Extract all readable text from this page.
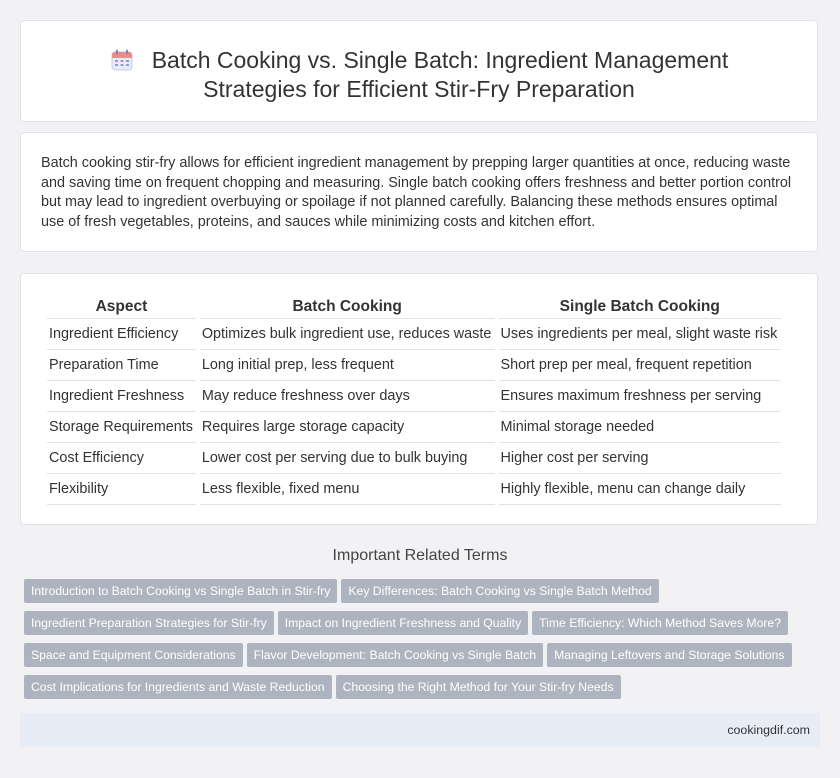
Batch Cooking vs. Single Batch: Ingredient Management
Strategies for Efficient Stir-Fry Preparation
Batch cooking stir-fry allows for efficient ingredient management by prepping larger quantities at once, reducing waste and saving time on frequent chopping and measuring. Single batch cooking offers freshness and better portion control but may lead to ingredient overbuying or spoilage if not planned carefully. Balancing these methods ensures optimal use of fresh vegetables, proteins, and sauces while minimizing costs and kitchen effort.
Aspect	Batch Cooking	Single Batch Cooking
Ingredient Efficiency	Optimizes bulk ingredient use, reduces waste	Uses ingredients per meal, slight waste risk
Preparation Time	Long initial prep, less frequent	Short prep per meal, frequent repetition
Ingredient Freshness	May reduce freshness over days	Ensures maximum freshness per serving
Storage Requirements	Requires large storage capacity	Minimal storage needed
Cost Efficiency	Lower cost per serving due to bulk buying	Higher cost per serving
Flexibility	Less flexible, fixed menu	Highly flexible, menu can change daily
Important Related Terms
Introduction to Batch Cooking vs Single Batch in Stir-fry Key Differences: Batch Cooking vs Single Batch Method
Ingredient Preparation Strategies for Stir-fry Impact on Ingredient Freshness and Quality Time Efficiency: Which Method Saves More?
Space and Equipment Considerations Flavor Development: Batch Cooking vs Single Batch Managing Leftovers and Storage Solutions
Cost Implications for Ingredients and Waste Reduction Choosing the Right Method for Your Stir-fry Needs
cookingdif.com
